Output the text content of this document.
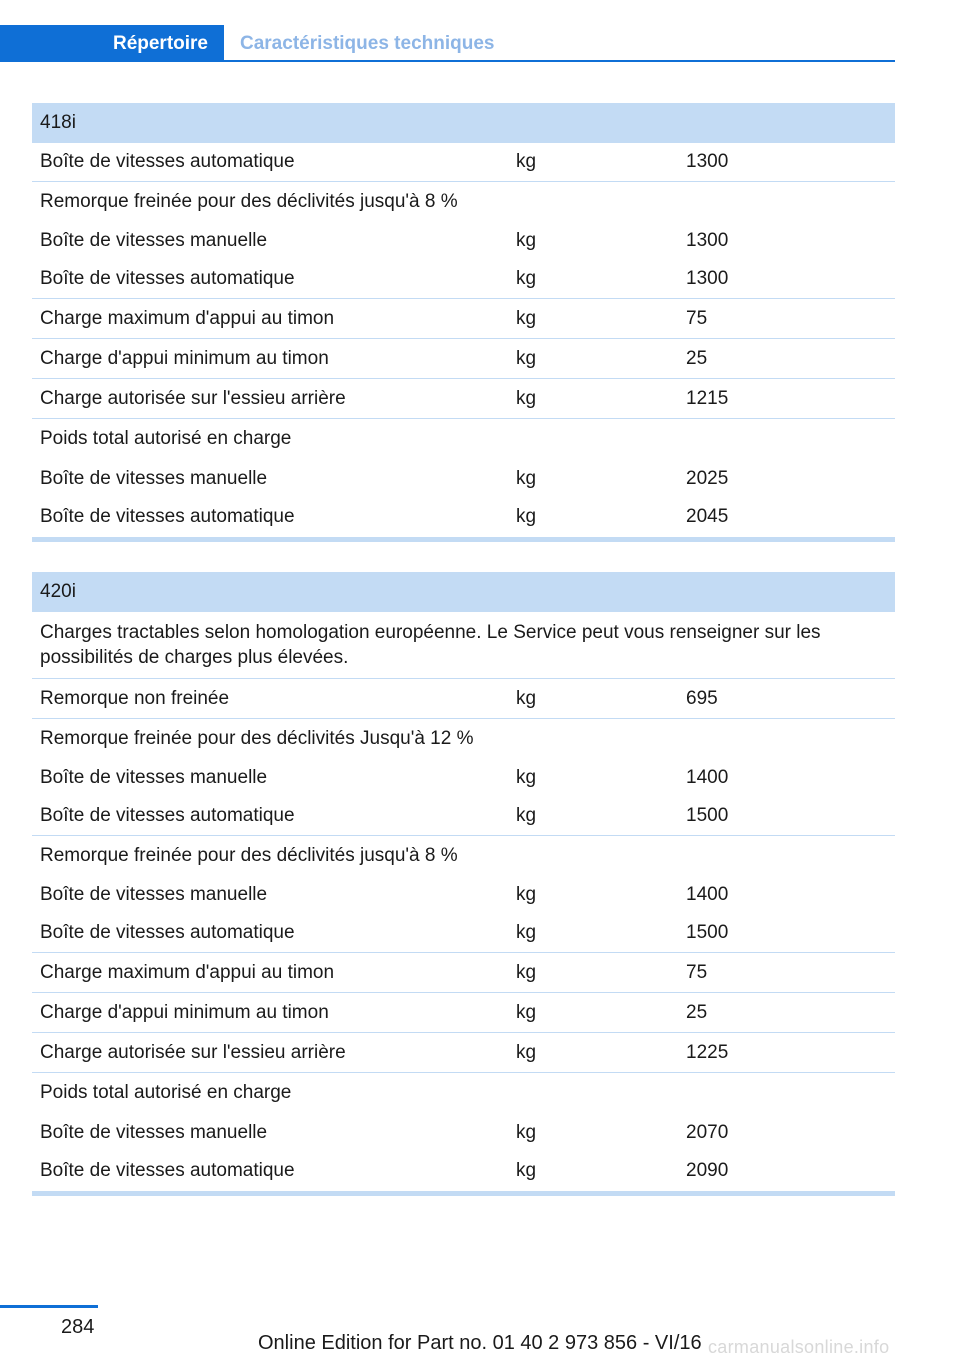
Répertoire	Caractéristiques techniques
418i
Boîte de vitesses automatique	kg	1300
Remorque freinée pour des déclivités jusqu'à 8 %
Boîte de vitesses manuelle	kg	1300
Boîte de vitesses automatique	kg	1300
Charge maximum d'appui au timon	kg	75
Charge d'appui minimum au timon	kg	25
Charge autorisée sur l'essieu arrière	kg	1215
Poids total autorisé en charge
Boîte de vitesses manuelle	kg	2025
Boîte de vitesses automatique	kg	2045
420i
Charges tractables selon homologation européenne. Le Service peut vous renseigner sur les possibilités de charges plus élevées.
Remorque non freinée	kg	695
Remorque freinée pour des déclivités Jusqu'à 12 %
Boîte de vitesses manuelle	kg	1400
Boîte de vitesses automatique	kg	1500
Remorque freinée pour des déclivités jusqu'à 8 %
Boîte de vitesses manuelle	kg	1400
Boîte de vitesses automatique	kg	1500
Charge maximum d'appui au timon	kg	75
Charge d'appui minimum au timon	kg	25
Charge autorisée sur l'essieu arrière	kg	1225
Poids total autorisé en charge
Boîte de vitesses manuelle	kg	2070
Boîte de vitesses automatique	kg	2090
284
Online Edition for Part no. 01 40 2 973 856 - VI/16 carmanualsonline.info
